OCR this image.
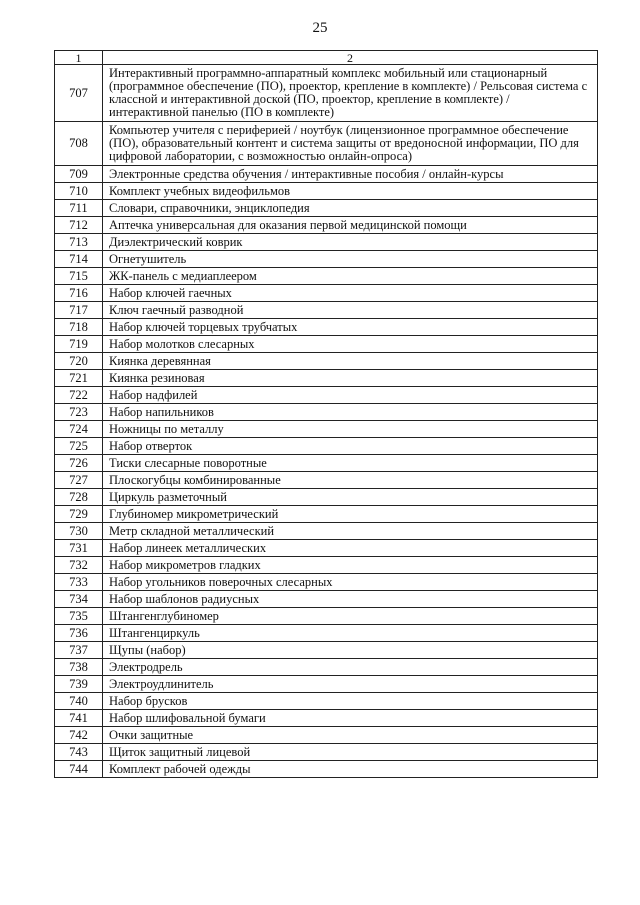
25
1	2
707	Интерактивный программно-аппаратный комплекс мобильный или стационарный (программное обеспечение (ПО), проектор, крепление в комплекте) / Рельсовая система с классной и интерактивной доской (ПО, проектор, крепление в комплекте) / интерактивной панелью (ПО в комплекте)
708	Компьютер учителя с периферией / ноутбук (лицензионное программное обеспечение (ПО), образовательный контент и система защиты от вредоносной информации, ПО для цифровой лаборатории, с возможностью онлайн-опроса)
709	Электронные средства обучения / интерактивные пособия / онлайн-курсы
710	Комплект учебных видеофильмов
711	Словари, справочники, энциклопедия
712	Аптечка универсальная для оказания первой медицинской помощи
713	Диэлектрический коврик
714	Огнетушитель
715	ЖК-панель с медиаплеером
716	Набор ключей гаечных
717	Ключ гаечный разводной
718	Набор ключей торцевых трубчатых
719	Набор молотков слесарных
720	Киянка деревянная
721	Киянка резиновая
722	Набор надфилей
723	Набор напильников
724	Ножницы по металлу
725	Набор отверток
726	Тиски слесарные поворотные
727	Плоскогубцы комбинированные
728	Циркуль разметочный
729	Глубиномер микрометрический
730	Метр складной металлический
731	Набор линеек металлических
732	Набор микрометров гладких
733	Набор угольников поверочных слесарных
734	Набор шаблонов радиусных
735	Штангенглубиномер
736	Штангенциркуль
737	Щупы (набор)
738	Электродрель
739	Электроудлинитель
740	Набор брусков
741	Набор шлифовальной бумаги
742	Очки защитные
743	Щиток защитный лицевой
744	Комплект рабочей одежды
